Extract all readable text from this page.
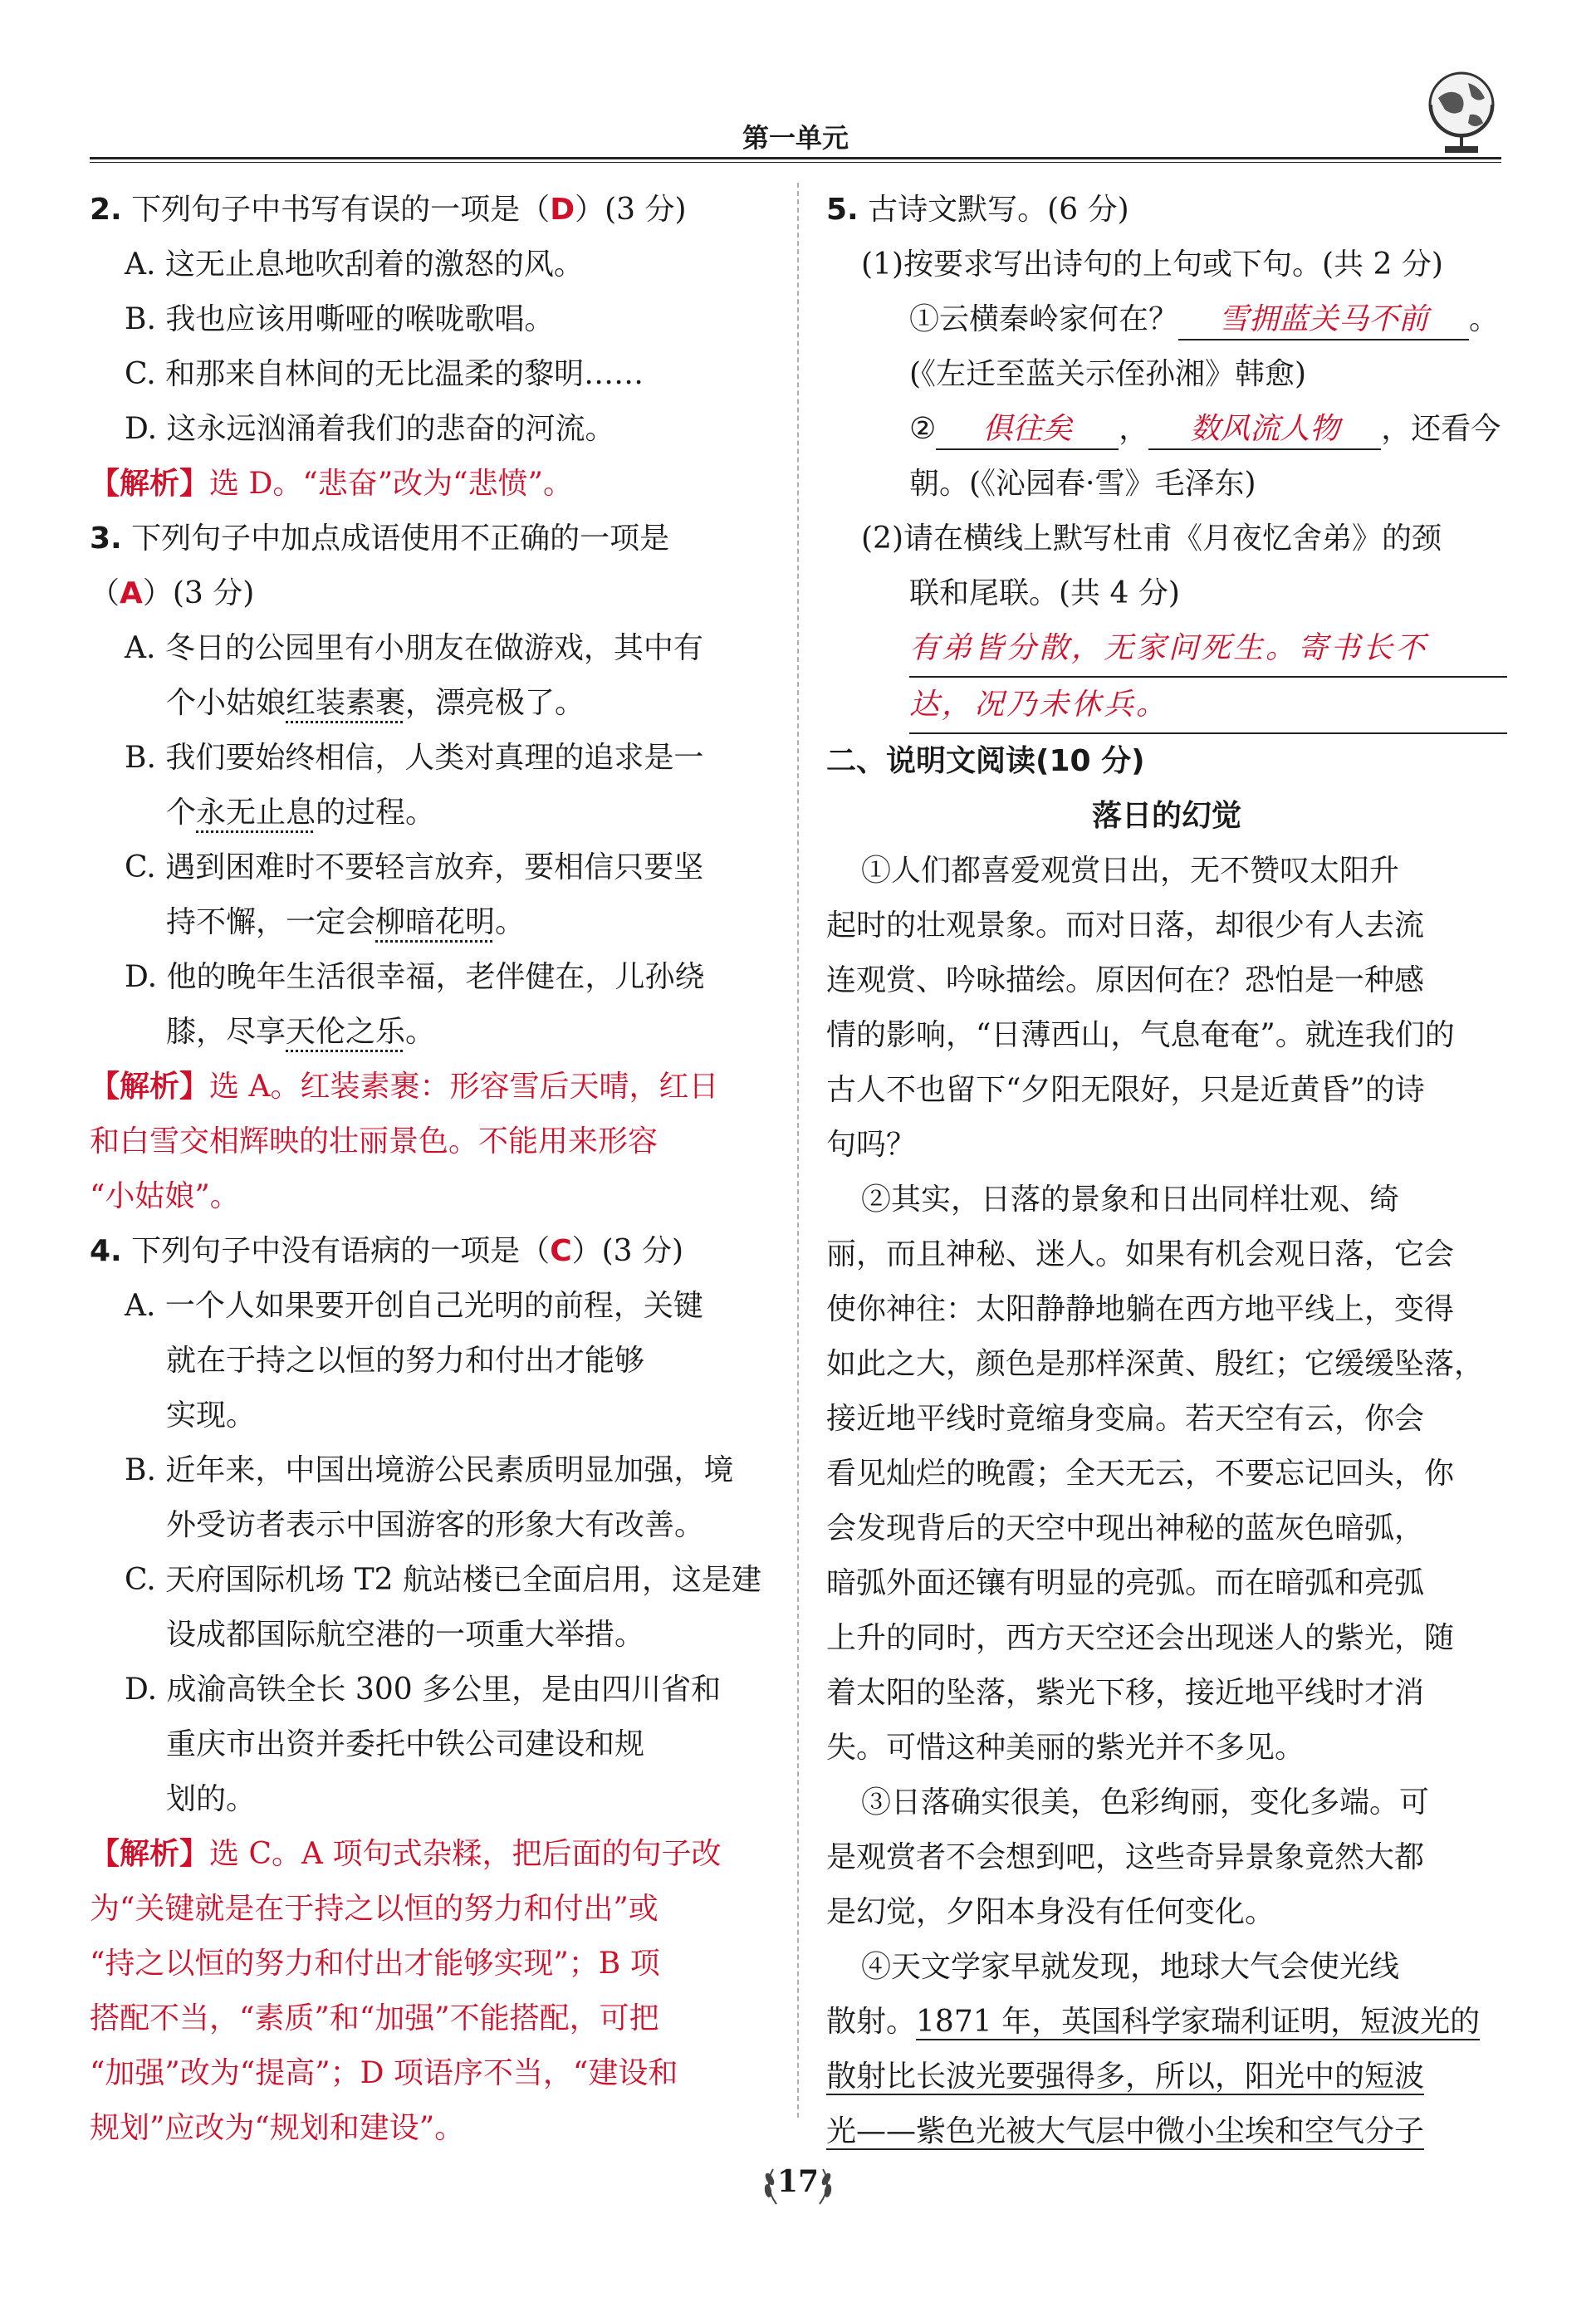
第一单元
2. 下列句子中书写有误的一项是（D）(3 分)
A. 这无止息地吹刮着的激怒的风。
B. 我也应该用嘶哑的喉咙歌唱。
C. 和那来自林间的无比温柔的黎明……
D. 这永远汹涌着我们的悲奋的河流。
【解析】选 D。“悲奋”改为“悲愤”。
3. 下列句子中加点成语使用不正确的一项是
（A）(3 分)
A. 冬日的公园里有小朋友在做游戏，其中有
个小姑娘红装素裹，漂亮极了。
B. 我们要始终相信，人类对真理的追求是一
个永无止息的过程。
C. 遇到困难时不要轻言放弃，要相信只要坚
持不懈，一定会柳暗花明。
D. 他的晚年生活很幸福，老伴健在，儿孙绕
膝，尽享天伦之乐。
【解析】选 A。红装素裹：形容雪后天晴，红日
和白雪交相辉映的壮丽景色。不能用来形容
“小姑娘”。
4. 下列句子中没有语病的一项是（C）(3 分)
A. 一个人如果要开创自己光明的前程，关键
就在于持之以恒的努力和付出才能够
实现。
B. 近年来，中国出境游公民素质明显加强，境
外受访者表示中国游客的形象大有改善。
C. 天府国际机场 T2 航站楼已全面启用，这是建
设成都国际航空港的一项重大举措。
D. 成渝高铁全长 300 多公里，是由四川省和
重庆市出资并委托中铁公司建设和规
划的。
【解析】选 C。A 项句式杂糅，把后面的句子改
为“关键就是在于持之以恒的努力和付出”或
“持之以恒的努力和付出才能够实现”；B 项
搭配不当，“素质”和“加强”不能搭配，可把
“加强”改为“提高”；D 项语序不当，“建设和
规划”应改为“规划和建设”。
5. 古诗文默写。(6 分)
(1)按要求写出诗句的上句或下句。(共 2 分)
①云横秦岭家何在？ 雪拥蓝关马不前 。
(《左迁至蓝关示侄孙湘》韩愈)
② 俱往矣 ， 数风流人物 ，还看今
朝。(《沁园春·雪》毛泽东)
(2)请在横线上默写杜甫《月夜忆舍弟》的颈
联和尾联。(共 4 分)
有弟皆分散，无家问死生。寄书长不
达，况乃未休兵。
二、说明文阅读(10 分)
落日的幻觉
①人们都喜爱观赏日出，无不赞叹太阳升
起时的壮观景象。而对日落，却很少有人去流
连观赏、吟咏描绘。原因何在？恐怕是一种感
情的影响，“日薄西山，气息奄奄”。就连我们的
古人不也留下“夕阳无限好，只是近黄昏”的诗
句吗？
②其实，日落的景象和日出同样壮观、绮
丽，而且神秘、迷人。如果有机会观日落，它会
使你神往：太阳静静地躺在西方地平线上，变得
如此之大，颜色是那样深黄、殷红；它缓缓坠落，
接近地平线时竟缩身变扁。若天空有云，你会
看见灿烂的晚霞；全天无云，不要忘记回头，你
会发现背后的天空中现出神秘的蓝灰色暗弧，
暗弧外面还镶有明显的亮弧。而在暗弧和亮弧
上升的同时，西方天空还会出现迷人的紫光，随
着太阳的坠落，紫光下移，接近地平线时才消
失。可惜这种美丽的紫光并不多见。
③日落确实很美，色彩绚丽，变化多端。可
是观赏者不会想到吧，这些奇异景象竟然大都
是幻觉，夕阳本身没有任何变化。
④天文学家早就发现，地球大气会使光线
散射。1871 年，英国科学家瑞利证明，短波光的
散射比长波光要强得多，所以，阳光中的短波
光——紫色光被大气层中微小尘埃和空气分子
17
